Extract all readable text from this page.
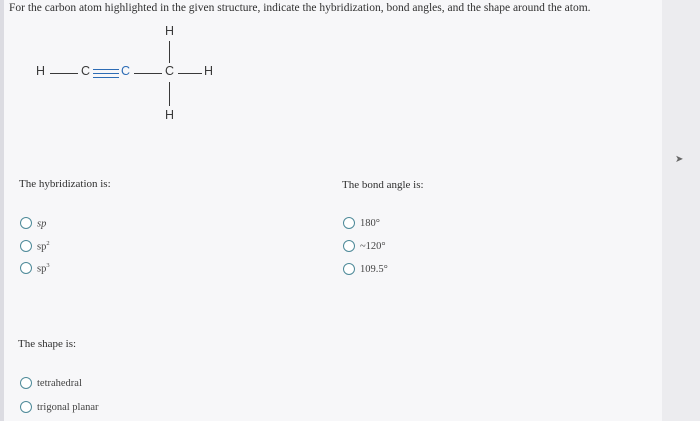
For the carbon atom highlighted in the given structure, indicate the hybridization, bond angles, and the shape around the atom.
H	C C	C H
H
H
The hybridization is:
sp
$sp^2$
$sp^3$
The bond angle is:
180°
~120°
109.5°
The shape is:
tetrahedral
trigonal planar
➤
